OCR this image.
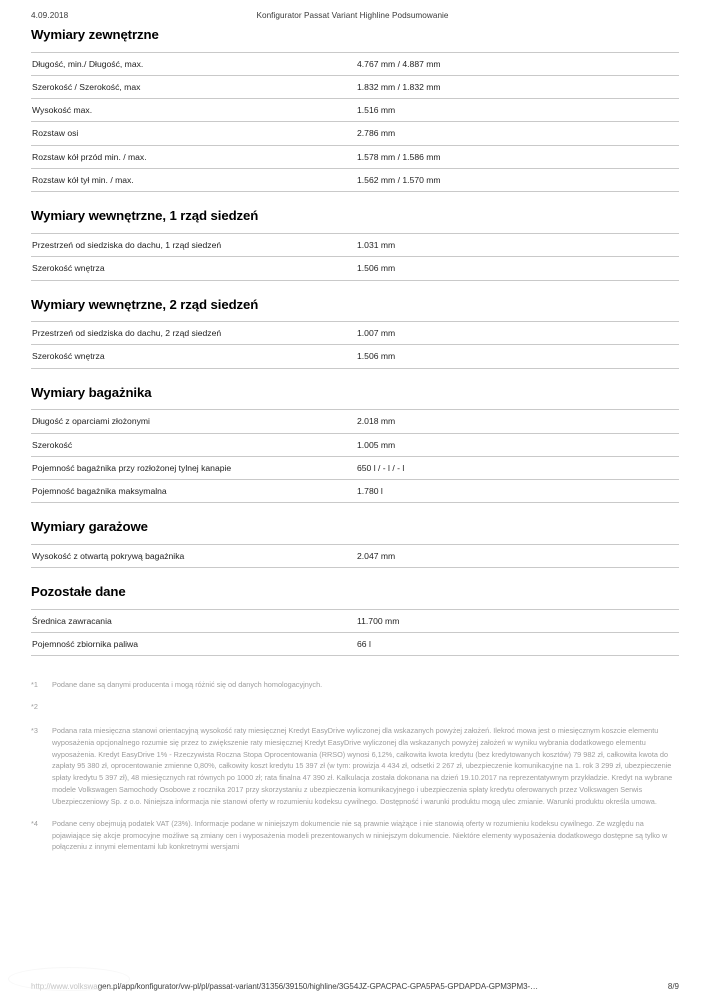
4.09.2018	Konfigurator Passat Variant Highline Podsumowanie
Wymiary zewnętrzne
Długość, min./ Długość, max.	4.767 mm / 4.887 mm
Szerokość / Szerokość, max	1.832 mm / 1.832 mm
Wysokość max.	1.516 mm
Rozstaw osi	2.786 mm
Rozstaw kół przód min. / max.	1.578 mm / 1.586 mm
Rozstaw kół tył min. / max.	1.562 mm / 1.570 mm
Wymiary wewnętrzne, 1 rząd siedzeń
Przestrzeń od siedziska do dachu, 1 rząd siedzeń	1.031 mm
Szerokość wnętrza	1.506 mm
Wymiary wewnętrzne, 2 rząd siedzeń
Przestrzeń od siedziska do dachu, 2 rząd siedzeń	1.007 mm
Szerokość wnętrza	1.506 mm
Wymiary bagażnika
Długość z oparciami złożonymi	2.018 mm
Szerokość	1.005 mm
Pojemność bagażnika przy rozłożonej tylnej kanapie	650 l / - l / - l
Pojemność bagażnika maksymalna	1.780 l
Wymiary garażowe
Wysokość z otwartą pokrywą bagażnika	2.047 mm
Pozostałe dane
Średnica zawracania	11.700 mm
Pojemność zbiornika paliwa	66 l
*1	Podane dane są danymi producenta i mogą różnić się od danych homologacyjnych.
*2
*3	Podana rata miesięczna stanowi orientacyjną wysokość raty miesięcznej Kredyt EasyDrive wyliczonej dla wskazanych powyżej założeń. Ilekroć mowa jest o miesięcznym koszcie elementu wyposażenia opcjonalnego rozumie się przez to zwiększenie raty miesięcznej Kredyt EasyDrive wyliczonej dla wskazanych powyżej założeń w wyniku wybrania dodatkowego elementu wyposażenia. Kredyt EasyDrive 1% - Rzeczywista Roczna Stopa Oprocentowania (RRSO) wynosi 6,12%, całkowita kwota kredytu (bez kredytowanych kosztów) 79 982 zł, całkowita kwota do zapłaty 95 380 zł, oprocentowanie zmienne 0,80%, całkowity koszt kredytu 15 397 zł (w tym: prowizja 4 434 zł, odsetki 2 267 zł, ubezpieczenie komunikacyjne na 1. rok 3 299 zł, ubezpieczenie spłaty kredytu 5 397 zł), 48 miesięcznych rat równych po 1000 zł; rata finalna 47 390 zł. Kalkulacja została dokonana na dzień 19.10.2017 na reprezentatywnym przykładzie. Kredyt na wybrane modele Volkswagen Samochody Osobowe z rocznika 2017 przy skorzystaniu z ubezpieczenia komunikacyjnego i ubezpieczenia spłaty kredytu oferowanych przez Volkswagen Serwis Ubezpieczeniowy Sp. z o.o. Niniejsza informacja nie stanowi oferty w rozumieniu kodeksu cywilnego. Dostępność i warunki produktu mogą ulec zmianie. Warunki produktu określa umowa.
*4	Podane ceny obejmują podatek VAT (23%). Informacje podane w niniejszym dokumencie nie są prawnie wiążące i nie stanowią oferty w rozumieniu kodeksu cywilnego. Ze względu na pojawiające się akcje promocyjne możliwe są zmiany cen i wyposażenia modeli prezentowanych w niniejszym dokumencie. Niektóre elementy wyposażenia dodatkowego dostępne są tylko w połączeniu z innymi elementami lub konkretnymi wersjami
http://www.volkswagen.pl/app/konfigurator/vw-pl/pl/passat-variant/31356/39150/highline/3G54JZ-GPACPAC-GPA5PA5-GPDAPDA-GPM3PM3-…	8/9
